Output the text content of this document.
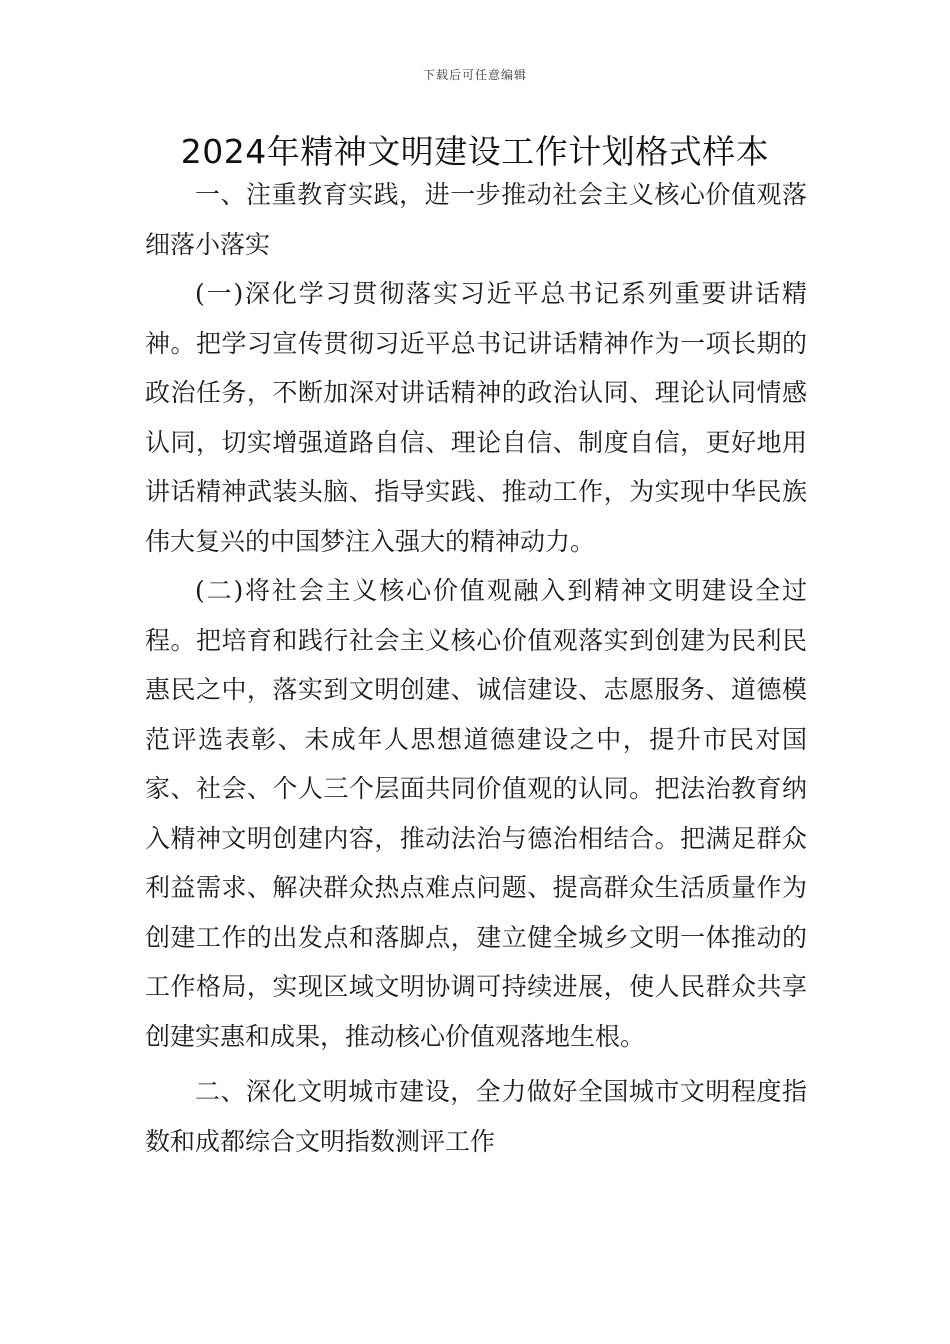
下载后可任意编辑
2024年精神文明建设工作计划格式样本

一、注重教育实践，进一步推动社会主义核心价值观落细落小落实

(一)深化学习贯彻落实习近平总书记系列重要讲话精神。把学习宣传贯彻习近平总书记讲话精神作为一项长期的政治任务，不断加深对讲话精神的政治认同、理论认同情感认同，切实增强道路自信、理论自信、制度自信，更好地用讲话精神武装头脑、指导实践、推动工作，为实现中华民族伟大复兴的中国梦注入强大的精神动力。

(二)将社会主义核心价值观融入到精神文明建设全过程。把培育和践行社会主义核心价值观落实到创建为民利民惠民之中，落实到文明创建、诚信建设、志愿服务、道德模范评选表彰、未成年人思想道德建设之中，提升市民对国家、社会、个人三个层面共同价值观的认同。把法治教育纳入精神文明创建内容，推动法治与德治相结合。把满足群众利益需求、解决群众热点难点问题、提高群众生活质量作为创建工作的出发点和落脚点，建立健全城乡文明一体推动的工作格局，实现区域文明协调可持续进展，使人民群众共享创建实惠和成果，推动核心价值观落地生根。

二、深化文明城市建设，全力做好全国城市文明程度指数和成都综合文明指数测评工作
